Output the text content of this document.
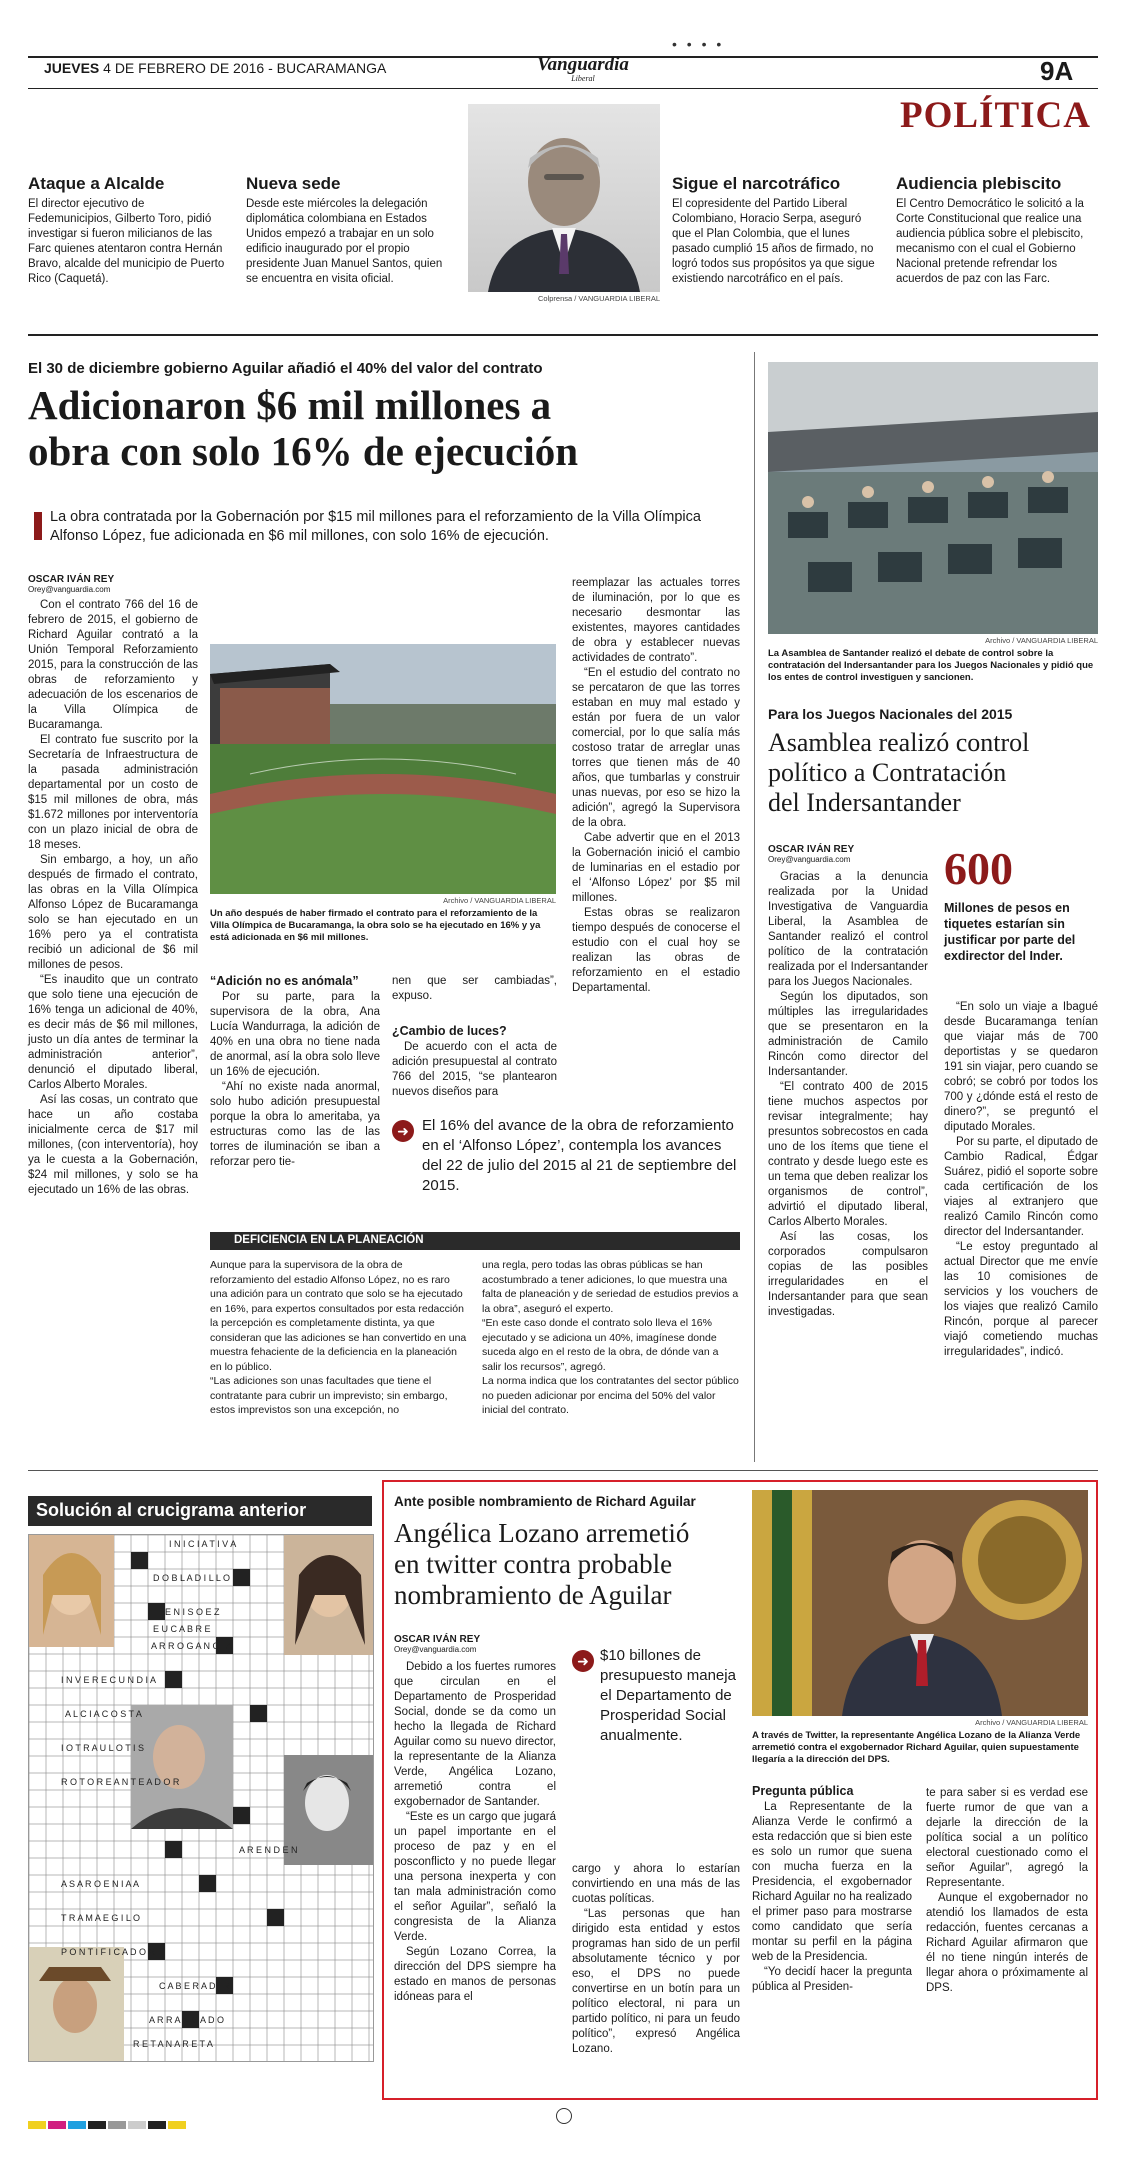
• • • •
JUEVES 4 DE FEBRERO DE 2016 - BUCARAMANGA	Vanguardia
Liberal	9A
POLÍTICA
Ataque a Alcalde
El director ejecutivo de Fedemunicipios, Gilberto Toro, pidió investigar si fueron milicianos de las Farc quienes atentaron contra Hernán Bravo, alcalde del municipio de Puerto Rico (Caquetá).
Nueva sede
Desde este miércoles la delegación diplomática colombiana en Estados Unidos empezó a trabajar en un solo edificio inaugurado por el propio presidente Juan Manuel Santos, quien se encuentra en visita oficial.
Colprensa / VANGUARDIA LIBERAL
Sigue el narcotráfico
El copresidente del Partido Liberal Colombiano, Horacio Serpa, aseguró que el Plan Colombia, que el lunes pasado cumplió 15 años de firmado, no logró todos sus propósitos ya que sigue existiendo narcotráfico en el país.
Audiencia plebiscito
El Centro Democrático le solicitó a la Corte Constitucional que realice una audiencia pública sobre el plebiscito, mecanismo con el cual el Gobierno Nacional pretende refrendar los acuerdos de paz con las Farc.
El 30 de diciembre gobierno Aguilar añadió el 40% del valor del contrato
Adicionaron $6 mil millones a
obra con solo 16% de ejecución
La obra contratada por la Gobernación por $15 mil millones para el reforzamiento de la Villa Olímpica Alfonso López, fue adicionada en $6 mil millones, con solo 16% de ejecución.
OSCAR IVÁN REY
Orey@vanguardia.com

Con el contrato 766 del 16 de febrero de 2015, el gobierno de Richard Aguilar contrató a la Unión Temporal Reforzamiento 2015, para la construcción de las obras de reforzamiento y adecuación de los escenarios de la Villa Olímpica de Bucaramanga.

El contrato fue suscrito por la Secretaría de Infraestructura de la pasada administración departamental por un costo de $15 mil millones de obra, más $1.672 millones por interventoría con un plazo inicial de obra de 18 meses.

Sin embargo, a hoy, un año después de firmado el contrato, las obras en la Villa Olímpica Alfonso López de Bucaramanga solo se han ejecutado en un 16% pero ya el contratista recibió un adicional de $6 mil millones de pesos.

“Es inaudito que un contrato que solo tiene una ejecución de 16% tenga un adicional de 40%, es decir más de $6 mil millones, justo un día antes de terminar la administración anterior”, denunció el diputado liberal, Carlos Alberto Morales.

Así las cosas, un contrato que hace un año costaba inicialmente cerca de $17 mil millones, (con interventoría), hoy ya le cuesta a la Gobernación, $24 mil millones, y solo se ha ejecutado un 16% de las obras.

Archivo / VANGUARDIA LIBERAL
Un año después de haber firmado el contrato para el reforzamiento de la Villa Olímpica de Bucaramanga, la obra solo se ha ejecutado en 16% y ya está adicionada en $6 mil millones.
“Adición no es anómala”

Por su parte, para la supervisora de la obra, Ana Lucía Wandurraga, la adición de 40% en una obra no tiene nada de anormal, así la obra solo lleve un 16% de ejecución.

“Ahí no existe nada anormal, solo hubo adición presupuestal porque la obra lo ameritaba, ya estructuras como las de las torres de iluminación se iban a reforzar pero tie-

nen que ser cambiadas”, expuso.
¿Cambio de luces?

De acuerdo con el acta de adición presupuestal al contrato 766 del 2015, “se plantearon nuevos diseños para

reemplazar las actuales torres de iluminación, por lo que es necesario desmontar las existentes, mayores cantidades de obra y establecer nuevas actividades de contrato”.

“En el estudio del contrato no se percataron de que las torres estaban en muy mal estado y están por fuera de un valor comercial, por lo que salía más costoso tratar de arreglar unas torres que tienen más de 40 años, que tumbarlas y construir unas nuevas, por eso se hizo la adición”, agregó la Supervisora de la obra.

Cabe advertir que en el 2013 la Gobernación inició el cambio de luminarias en el estadio por el ‘Alfonso López’ por $5 mil millones.

Estas obras se realizaron tiempo después de conocerse el estudio con el cual hoy se realizan las obras de reforzamiento en el estadio Departamental.

➜ El 16% del avance de la obra de reforzamiento en el ‘Alfonso López’, contempla los avances del 22 de julio del 2015 al 21 de septiembre del 2015.
DEFICIENCIA EN LA PLANEACIÓN
Aunque para la supervisora de la obra de reforzamiento del estadio Alfonso López, no es raro una adición para un contrato que solo se ha ejecutado en 16%, para expertos consultados por esta redacción la percepción es completamente distinta, ya que consideran que las adiciones se han convertido en una muestra fehaciente de la deficiencia en la planeación en lo público.
“Las adiciones son unas facultades que tiene el contratante para cubrir un imprevisto; sin embargo, estos imprevistos son una excepción, no
una regla, pero todas las obras públicas se han acostumbrado a tener adiciones, lo que muestra una falta de planeación y de seriedad de estudios previos a la obra”, aseguró el experto.
“En este caso donde el contrato solo lleva el 16% ejecutado y se adiciona un 40%, imagínese donde suceda algo en el resto de la obra, de dónde van a salir los recursos”, agregó.
La norma indica que los contratantes del sector público no pueden adicionar por encima del 50% del valor inicial del contrato.
Archivo / VANGUARDIA LIBERAL
La Asamblea de Santander realizó el debate de control sobre la contratación del Indersantander para los Juegos Nacionales y pidió que los entes de control investiguen y sancionen.
Para los Juegos Nacionales del 2015
Asamblea realizó control
político a Contratación
del Indersantander
OSCAR IVÁN REY
Orey@vanguardia.com

Gracias a la denuncia realizada por la Unidad Investigativa de Vanguardia Liberal, la Asamblea de Santander realizó el control político de la contratación realizada por el Indersantander para los Juegos Nacionales.

Según los diputados, son múltiples las irregularidades que se presentaron en la administración de Camilo Rincón como director del Indersantander.

“El contrato 400 de 2015 tiene muchos aspectos por revisar integralmente; hay presuntos sobrecostos en cada uno de los ítems que tiene el contrato y desde luego este es un tema que deben realizar los organismos de control”, advirtió el diputado liberal, Carlos Alberto Morales.

Así las cosas, los corporados compulsaron copias de las posibles irregularidades en el Indersantander para que sean investigadas.

600
Millones de pesos en tiquetes estarían sin justificar por parte del exdirector del Inder.

“En solo un viaje a Ibagué desde Bucaramanga tenían que viajar más de 700 deportistas y se quedaron 191 sin viajar, pero cuando se cobró; se cobró por todos los 700 y ¿dónde está el resto de dinero?”, se preguntó el diputado Morales.

Por su parte, el diputado de Cambio Radical, Édgar Suárez, pidió el soporte sobre cada certificación de los viajes al extranjero que realizó Camilo Rincón como director del Indersantander.

“Le estoy preguntado al actual Director que me envíe las 10 comisiones de servicios y los vouchers de los viajes que realizó Camilo Rincón, porque al parecer viajó cometiendo muchas irregularidades”, indicó.

Solución al crucigrama anterior
I N I C I A T I V A
D O B L A D I L L O
E N I S O E Z
E U C A B R E
A R R O G A N C I A
I N V E R E C U N D I A
A L C I A C O S T A
I O T R A U L O T I S
R O T O R E A N T E A D O R
A R E N D E N
A S A R O E N I A A
T R A M A E G I L O
P O N T I F I C A D O R
C A B E R A D I R
A R R A N C A D O
R E T A N A R E T A
Ante posible nombramiento de Richard Aguilar
Angélica Lozano arremetió
en twitter contra probable
nombramiento de Aguilar
OSCAR IVÁN REY
Orey@vanguardia.com

Debido a los fuertes rumores que circulan en el Departamento de Prosperidad Social, donde se da como un hecho la llegada de Richard Aguilar como su nuevo director, la representante de la Alianza Verde, Angélica Lozano, arremetió contra el exgobernador de Santander.

“Este es un cargo que jugará un papel importante en el proceso de paz y en el posconflicto y no puede llegar una persona inexperta y con tan mala administración como el señor Aguilar”, señaló la congresista de la Alianza Verde.

Según Lozano Correa, la dirección del DPS siempre ha estado en manos de personas idóneas para el

➜ $10 billones de presupuesto maneja el Departamento de Prosperidad Social anualmente.

cargo y ahora lo estarían convirtiendo en una más de las cuotas políticas.

“Las personas que han dirigido esta entidad y estos programas han sido de un perfil absolutamente técnico y por eso, el DPS no puede convertirse en un botín para un político electoral, ni para un partido político, ni para un feudo político”, expresó Angélica Lozano.

Archivo / VANGUARDIA LIBERAL
A través de Twitter, la representante Angélica Lozano de la Alianza Verde arremetió contra el exgobernador Richard Aguilar, quien supuestamente llegaría a la dirección del DPS.
Pregunta pública

La Representante de la Alianza Verde le confirmó a esta redacción que si bien este es solo un rumor que suena con mucha fuerza en la Presidencia, el exgobernador Richard Aguilar no ha realizado el primer paso para mostrarse como candidato que sería montar su perfil en la página web de la Presidencia.

“Yo decidí hacer la pregunta pública al Presiden-

te para saber si es verdad ese fuerte rumor de que van a dejarle la dirección de la política social a un político electoral cuestionado como el señor Aguilar”, agregó la Representante.

Aunque el exgobernador no atendió los llamados de esta redacción, fuentes cercanas a Richard Aguilar afirmaron que él no tiene ningún interés de llegar ahora o próximamente al DPS.
